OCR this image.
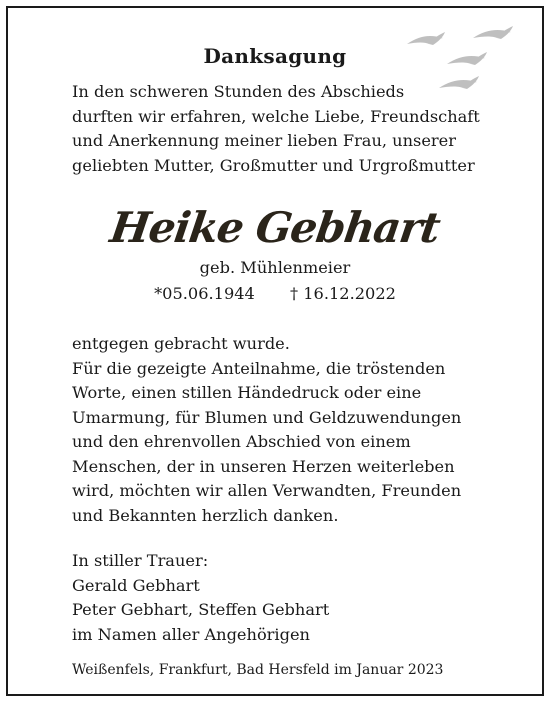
Danksagung
In den schweren Stunden des Abschieds
durften wir erfahren, welche Liebe, Freundschaft
und Anerkennung meiner lieben Frau, unserer
geliebten Mutter, Großmutter und Urgroßmutter
Heike Gebhart
geb. Mühlenmeier
*05.06.1944 † 16.12.2022
entgegen gebracht wurde.
Für die gezeigte Anteilnahme, die tröstenden
Worte, einen stillen Händedruck oder eine
Umarmung, für Blumen und Geldzuwendungen
und den ehrenvollen Abschied von einem
Menschen, der in unseren Herzen weiterleben
wird, möchten wir allen Verwandten, Freunden
und Bekannten herzlich danken.
In stiller Trauer:
Gerald Gebhart
Peter Gebhart, Steffen Gebhart
im Namen aller Angehörigen
Weißenfels, Frankfurt, Bad Hersfeld im Januar 2023
